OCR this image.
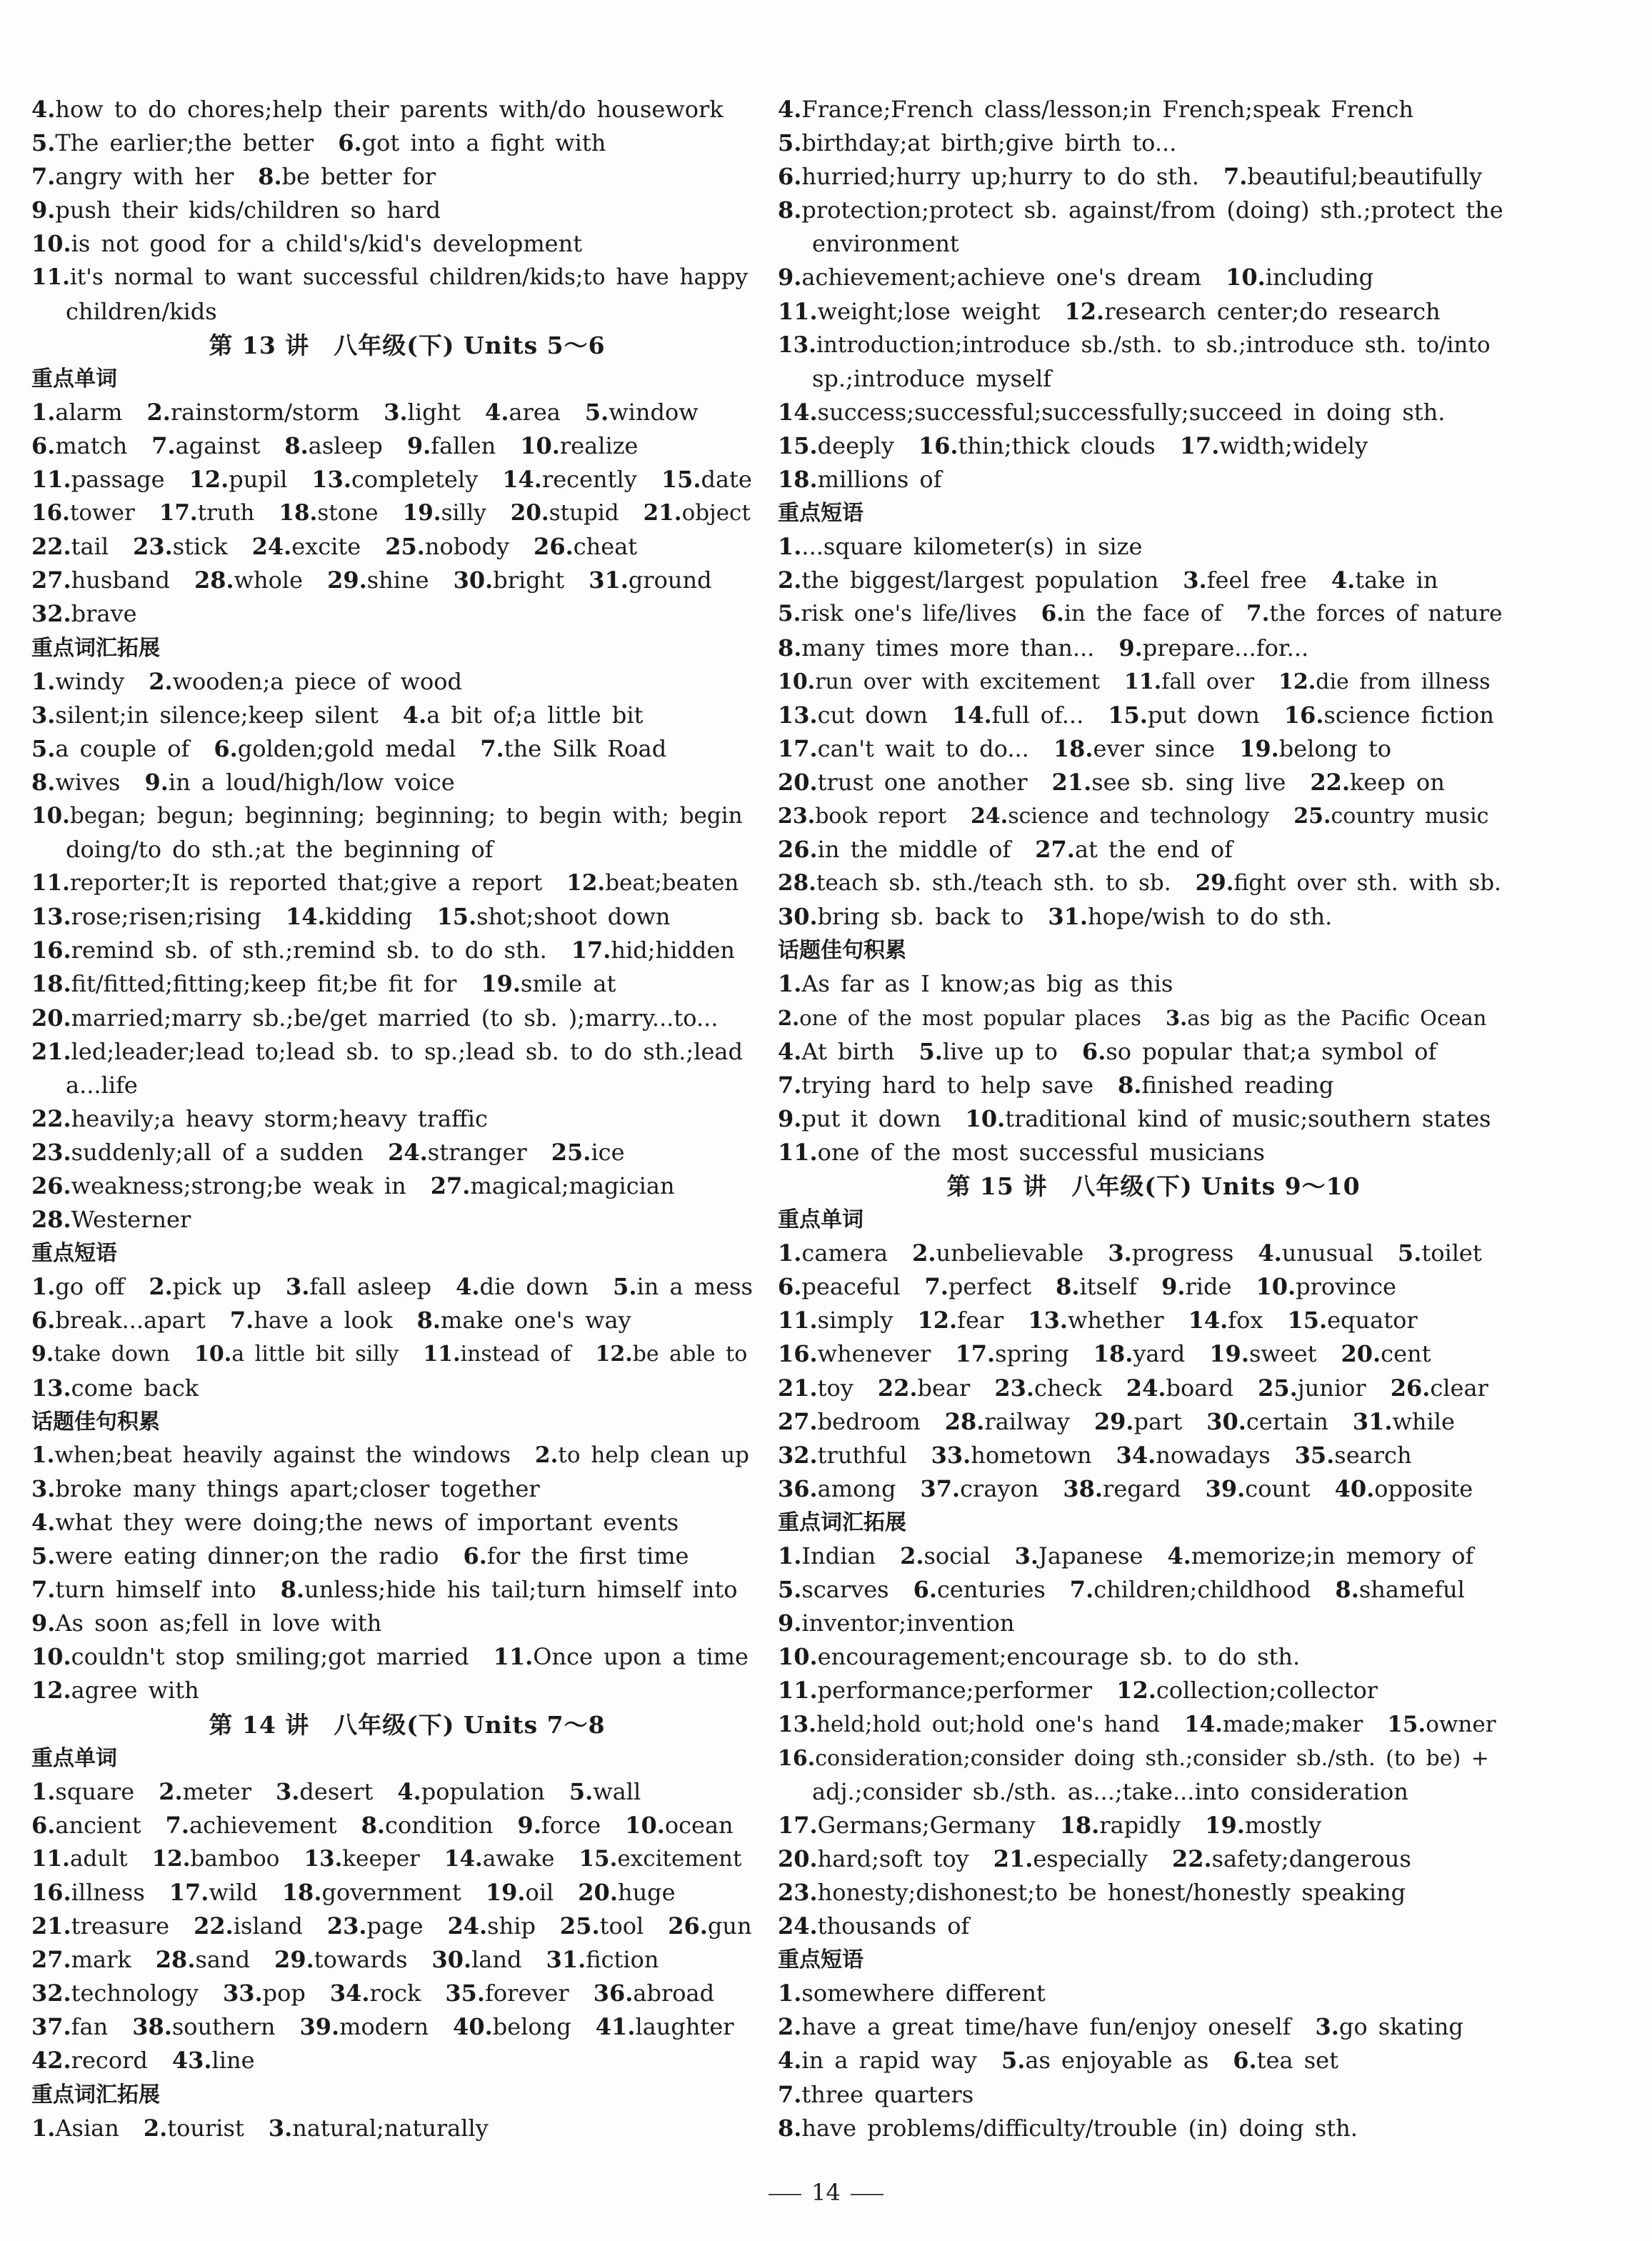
4.how to do chores;help their parents with/do housework
5.The earlier;the better 6.got into a fight with
7.angry with her 8.be better for
9.push their kids/children so hard
10.is not good for a child's/kid's development
11.it's normal to want successful children/kids;to have happy
children/kids
第 13 讲　八年级(下) Units 5～6
重点单词
1.alarm 2.rainstorm/storm 3.light 4.area 5.window
6.match 7.against 8.asleep 9.fallen 10.realize
11.passage 12.pupil 13.completely 14.recently 15.date
16.tower 17.truth 18.stone 19.silly 20.stupid 21.object
22.tail 23.stick 24.excite 25.nobody 26.cheat
27.husband 28.whole 29.shine 30.bright 31.ground
32.brave
重点词汇拓展
1.windy 2.wooden;a piece of wood
3.silent;in silence;keep silent 4.a bit of;a little bit
5.a couple of 6.golden;gold medal 7.the Silk Road
8.wives 9.in a loud/high/low voice
10.began; begun; beginning; beginning; to begin with; begin
doing/to do sth.;at the beginning of
11.reporter;It is reported that;give a report 12.beat;beaten
13.rose;risen;rising 14.kidding 15.shot;shoot down
16.remind sb. of sth.;remind sb. to do sth. 17.hid;hidden
18.fit/fitted;fitting;keep fit;be fit for 19.smile at
20.married;marry sb.;be/get married (to sb. );marry...to...
21.led;leader;lead to;lead sb. to sp.;lead sb. to do sth.;lead
a...life
22.heavily;a heavy storm;heavy traffic
23.suddenly;all of a sudden 24.stranger 25.ice
26.weakness;strong;be weak in 27.magical;magician
28.Westerner
重点短语
1.go off 2.pick up 3.fall asleep 4.die down 5.in a mess
6.break...apart 7.have a look 8.make one's way
9.take down 10.a little bit silly 11.instead of 12.be able to
13.come back
话题佳句积累
1.when;beat heavily against the windows 2.to help clean up
3.broke many things apart;closer together
4.what they were doing;the news of important events
5.were eating dinner;on the radio 6.for the first time
7.turn himself into 8.unless;hide his tail;turn himself into
9.As soon as;fell in love with
10.couldn't stop smiling;got married 11.Once upon a time
12.agree with
第 14 讲　八年级(下) Units 7～8
重点单词
1.square 2.meter 3.desert 4.population 5.wall
6.ancient 7.achievement 8.condition 9.force 10.ocean
11.adult 12.bamboo 13.keeper 14.awake 15.excitement
16.illness 17.wild 18.government 19.oil 20.huge
21.treasure 22.island 23.page 24.ship 25.tool 26.gun
27.mark 28.sand 29.towards 30.land 31.fiction
32.technology 33.pop 34.rock 35.forever 36.abroad
37.fan 38.southern 39.modern 40.belong 41.laughter
42.record 43.line
重点词汇拓展
1.Asian 2.tourist 3.natural;naturally
4.France;French class/lesson;in French;speak French
5.birthday;at birth;give birth to...
6.hurried;hurry up;hurry to do sth. 7.beautiful;beautifully
8.protection;protect sb. against/from (doing) sth.;protect the
environment
9.achievement;achieve one's dream 10.including
11.weight;lose weight 12.research center;do research
13.introduction;introduce sb./sth. to sb.;introduce sth. to/into
sp.;introduce myself
14.success;successful;successfully;succeed in doing sth.
15.deeply 16.thin;thick clouds 17.width;widely
18.millions of
重点短语
1....square kilometer(s) in size
2.the biggest/largest population 3.feel free 4.take in
5.risk one's life/lives 6.in the face of 7.the forces of nature
8.many times more than... 9.prepare...for...
10.run over with excitement 11.fall over 12.die from illness
13.cut down 14.full of... 15.put down 16.science fiction
17.can't wait to do... 18.ever since 19.belong to
20.trust one another 21.see sb. sing live 22.keep on
23.book report 24.science and technology 25.country music
26.in the middle of 27.at the end of
28.teach sb. sth./teach sth. to sb. 29.fight over sth. with sb.
30.bring sb. back to 31.hope/wish to do sth.
话题佳句积累
1.As far as I know;as big as this
2.one of the most popular places 3.as big as the Pacific Ocean
4.At birth 5.live up to 6.so popular that;a symbol of
7.trying hard to help save 8.finished reading
9.put it down 10.traditional kind of music;southern states
11.one of the most successful musicians
第 15 讲　八年级(下) Units 9～10
重点单词
1.camera 2.unbelievable 3.progress 4.unusual 5.toilet
6.peaceful 7.perfect 8.itself 9.ride 10.province
11.simply 12.fear 13.whether 14.fox 15.equator
16.whenever 17.spring 18.yard 19.sweet 20.cent
21.toy 22.bear 23.check 24.board 25.junior 26.clear
27.bedroom 28.railway 29.part 30.certain 31.while
32.truthful 33.hometown 34.nowadays 35.search
36.among 37.crayon 38.regard 39.count 40.opposite
重点词汇拓展
1.Indian 2.social 3.Japanese 4.memorize;in memory of
5.scarves 6.centuries 7.children;childhood 8.shameful
9.inventor;invention
10.encouragement;encourage sb. to do sth.
11.performance;performer 12.collection;collector
13.held;hold out;hold one's hand 14.made;maker 15.owner
16.consideration;consider doing sth.;consider sb./sth. (to be) +
adj.;consider sb./sth. as...;take...into consideration
17.Germans;Germany 18.rapidly 19.mostly
20.hard;soft toy 21.especially 22.safety;dangerous
23.honesty;dishonest;to be honest/honestly speaking
24.thousands of
重点短语
1.somewhere different
2.have a great time/have fun/enjoy oneself 3.go skating
4.in a rapid way 5.as enjoyable as 6.tea set
7.three quarters
8.have problems/difficulty/trouble (in) doing sth.
14
